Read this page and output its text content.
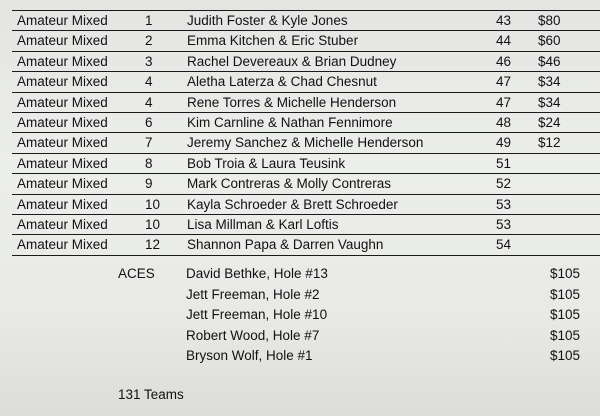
Amateur Mixed	1	Judith Foster & Kyle Jones	43 $80
Amateur Mixed	2	Emma Kitchen & Eric Stuber	44 $60
Amateur Mixed	3	Rachel Devereaux & Brian Dudney	46 $46
Amateur Mixed	4	Aletha Laterza & Chad Chesnut	47 $34
Amateur Mixed	4	Rene Torres & Michelle Henderson	47 $34
Amateur Mixed	6	Kim Carnline & Nathan Fennimore	48 $24
Amateur Mixed	7	Jeremy Sanchez & Michelle Henderson	49 $12
Amateur Mixed	8	Bob Troia & Laura Teusink	51
Amateur Mixed	9	Mark Contreras & Molly Contreras	52
Amateur Mixed	10 Kayla Schroeder & Brett Schroeder	53
Amateur Mixed	10 Lisa Millman & Karl Loftis	53
Amateur Mixed	12 Shannon Papa & Darren Vaughn	54
ACES David Bethke, Hole #13	$105
Jett Freeman, Hole #2	$105
Jett Freeman, Hole #10	$105
Robert Wood, Hole #7	$105
Bryson Wolf, Hole #1	$105
131 Teams
